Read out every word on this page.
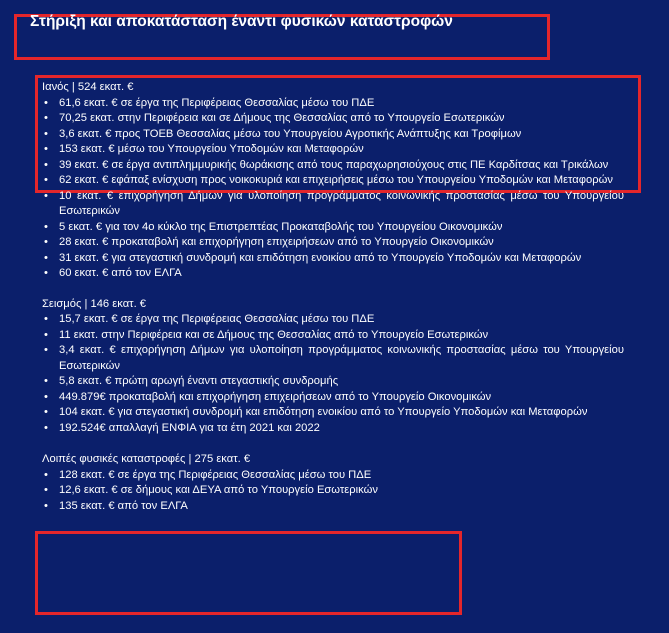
Στήριξη και αποκατάσταση έναντι φυσικών καταστροφών
Ιανός | 524 εκατ. €
• 61,6 εκατ. € σε έργα της Περιφέρειας Θεσσαλίας μέσω του ΠΔΕ
• 70,25 εκατ. στην Περιφέρεια και σε Δήμους της Θεσσαλίας από το Υπουργείο Εσωτερικών
• 3,6 εκατ. € προς ΤΟΕΒ Θεσσαλίας μέσω του Υπουργείου Αγροτικής Ανάπτυξης και Τροφίμων
• 153 εκατ. € μέσω του Υπουργείου Υποδομών και Μεταφορών
• 39 εκατ. € σε έργα αντιπλημμυρικής θωράκισης από τους παραχωρησιούχους στις ΠΕ Καρδίτσας και Τρικάλων
• 62 εκατ. € εφάπαξ ενίσχυση προς νοικοκυριά και επιχειρήσεις μέσω του Υπουργείου Υποδομών και Μεταφορών
• 10 εκατ. € επιχορήγηση Δήμων για υλοποίηση προγράμματος κοινωνικής προστασίας μέσω του Υπουργείου Εσωτερικών
• 5 εκατ. € για τον 4ο κύκλο της Επιστρεπτέας Προκαταβολής του Υπουργείου Οικονομικών
• 28 εκατ. € προκαταβολή και επιχορήγηση επιχειρήσεων από το Υπουργείο Οικονομικών
• 31 εκατ. € για στεγαστική συνδρομή και επιδότηση ενοικίου από το Υπουργείο Υποδομών και Μεταφορών
• 60 εκατ. € από τον ΕΛΓΑ
Σεισμός | 146 εκατ. €
• 15,7 εκατ. € σε έργα της Περιφέρειας Θεσσαλίας μέσω του ΠΔΕ
• 11 εκατ. στην Περιφέρεια και σε Δήμους της Θεσσαλίας από το Υπουργείο Εσωτερικών
• 3,4 εκατ. € επιχορήγηση Δήμων για υλοποίηση προγράμματος κοινωνικής προστασίας μέσω του Υπουργείου Εσωτερικών
• 5,8 εκατ. € πρώτη αρωγή έναντι στεγαστικής συνδρομής
• 449.879€ προκαταβολή και επιχορήγηση επιχειρήσεων από το Υπουργείο Οικονομικών
• 104 εκατ. € για στεγαστική συνδρομή και επιδότηση ενοικίου από το Υπουργείο Υποδομών και Μεταφορών
• 192.524€ απαλλαγή ΕΝΦΙΑ για τα έτη 2021 και 2022
Λοιπές φυσικές καταστροφές | 275 εκατ. €
• 128 εκατ. € σε έργα της Περιφέρειας Θεσσαλίας μέσω του ΠΔΕ
• 12,6 εκατ. € σε δήμους και ΔΕΥΑ από το Υπουργείο Εσωτερικών
• 135 εκατ. € από τον ΕΛΓΑ
